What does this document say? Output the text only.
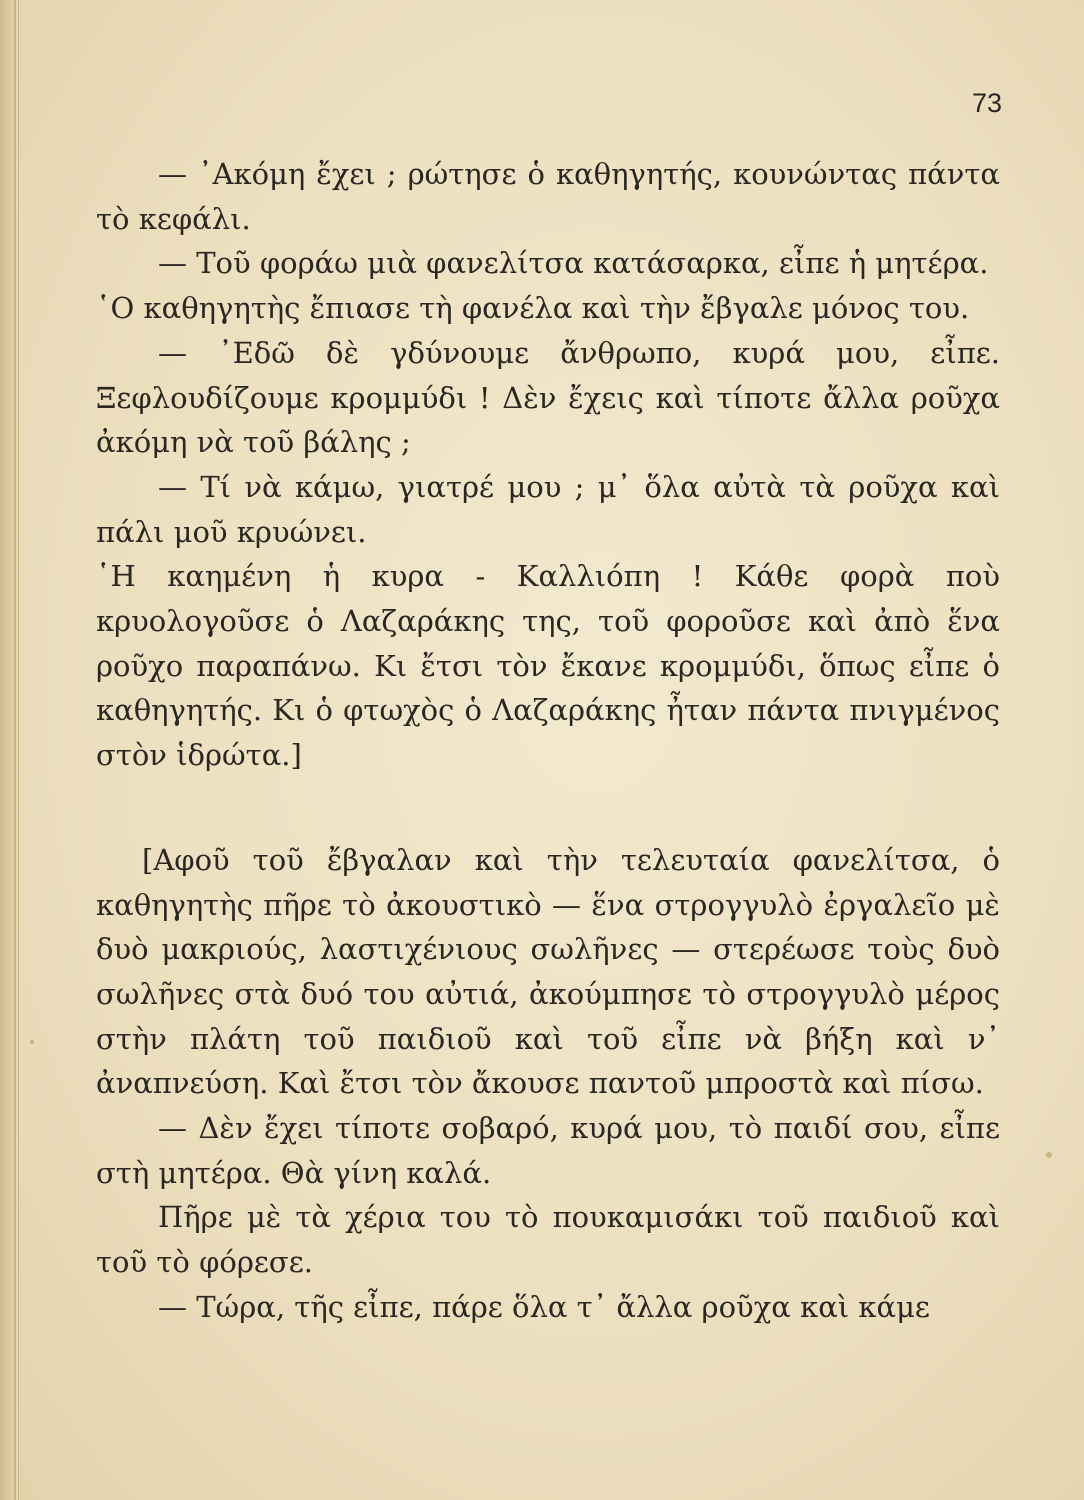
73

— ᾿Ακόμη ἔχει ; ρώτησε ὁ καθηγητής, κουνώντας πάντα τὸ κεφάλι.

— Τοῦ φοράω μιὰ φανελίτσα κατάσαρκα, εἶπε ἡ μητέρα.

῾Ο καθηγητὴς ἔπιασε τὴ φανέλα καὶ τὴν ἔβγαλε μόνος του.

— ᾿Εδῶ δὲ γδύνουμε ἄνθρωπο, κυρά μου, εἶπε. Ξεφλουδίζουμε κρομμύδι ! Δὲν ἔχεις καὶ τίποτε ἄλλα ροῦχα ἀκόμη νὰ τοῦ βάλης ;

— Τί νὰ κάμω, γιατρέ μου ; μ᾿ ὅλα αὐτὰ τὰ ροῦχα καὶ πάλι μοῦ κρυώνει.

῾Η καημένη ἡ κυρα - Καλλιόπη ! Κάθε φορὰ ποὺ κρυολογοῦσε ὁ Λαζαράκης της, τοῦ φοροῦσε καὶ ἀπὸ ἕνα ροῦχο παραπάνω. Κι ἔτσι τὸν ἔκανε κρομμύδι, ὅπως εἶπε ὁ καθηγητής. Κι ὁ φτωχὸς ὁ Λαζαράκης ἦταν πάντα πνιγμένος στὸν ἱδρώτα.]

[Αφοῦ τοῦ ἔβγαλαν καὶ τὴν τελευταία φανελίτσα, ὁ καθηγητὴς πῆρε τὸ ἀκουστικὸ — ἕνα στρογγυλὸ ἐργαλεῖο μὲ δυὸ μακριούς, λαστιχένιους σωλῆνες — στερέωσε τοὺς δυὸ σωλῆνες στὰ δυό του αὐτιά, ἀκούμπησε τὸ στρογγυλὸ μέρος στὴν πλάτη τοῦ παιδιοῦ καὶ τοῦ εἶπε νὰ βήξη καὶ ν᾿ ἀναπνεύση. Καὶ ἔτσι τὸν ἄκουσε παντοῦ μπροστὰ καὶ πίσω.

— Δὲν ἔχει τίποτε σοβαρό, κυρά μου, τὸ παιδί σου, εἶπε στὴ μητέρα. Θὰ γίνη καλά.

Πῆρε μὲ τὰ χέρια του τὸ πουκαμισάκι τοῦ παιδιοῦ καὶ τοῦ τὸ φόρεσε.

— Τώρα, τῆς εἶπε, πάρε ὅλα τ᾿ ἄλλα ροῦχα καὶ κάμε
